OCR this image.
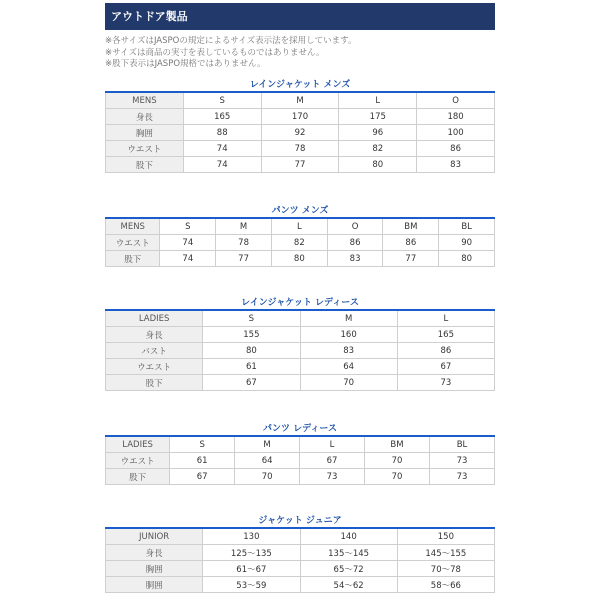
アウトドア製品
※各サイズはJASPOの規定によるサイズ表示法を採用しています。
※サイズは商品の実寸を表しているものではありません。
※股下表示はJASPO規格ではありません。
レインジャケット メンズ
MENS	S	M	L	O
身長	165	170	175	180
胸囲	88	92	96	100
ウエスト	74	78	82	86
股下	74	77	80	83
パンツ メンズ
MENS	S	M	L	O	BM	BL
ウエスト	74	78	82	86	86	90
股下	74	77	80	83	77	80
レインジャケット レディース
LADIES	S	M	L
身長	155	160	165
バスト	80	83	86
ウエスト	61	64	67
股下	67	70	73
パンツ レディース
LADIES	S	M	L	BM	BL
ウエスト	61	64	67	70	73
股下	67	70	73	70	73
ジャケット ジュニア
JUNIOR	130	140	150
身長	125〜135	135〜145	145〜155
胸囲	61〜67	65〜72	70〜78
胴囲	53〜59	54〜62	58〜66
